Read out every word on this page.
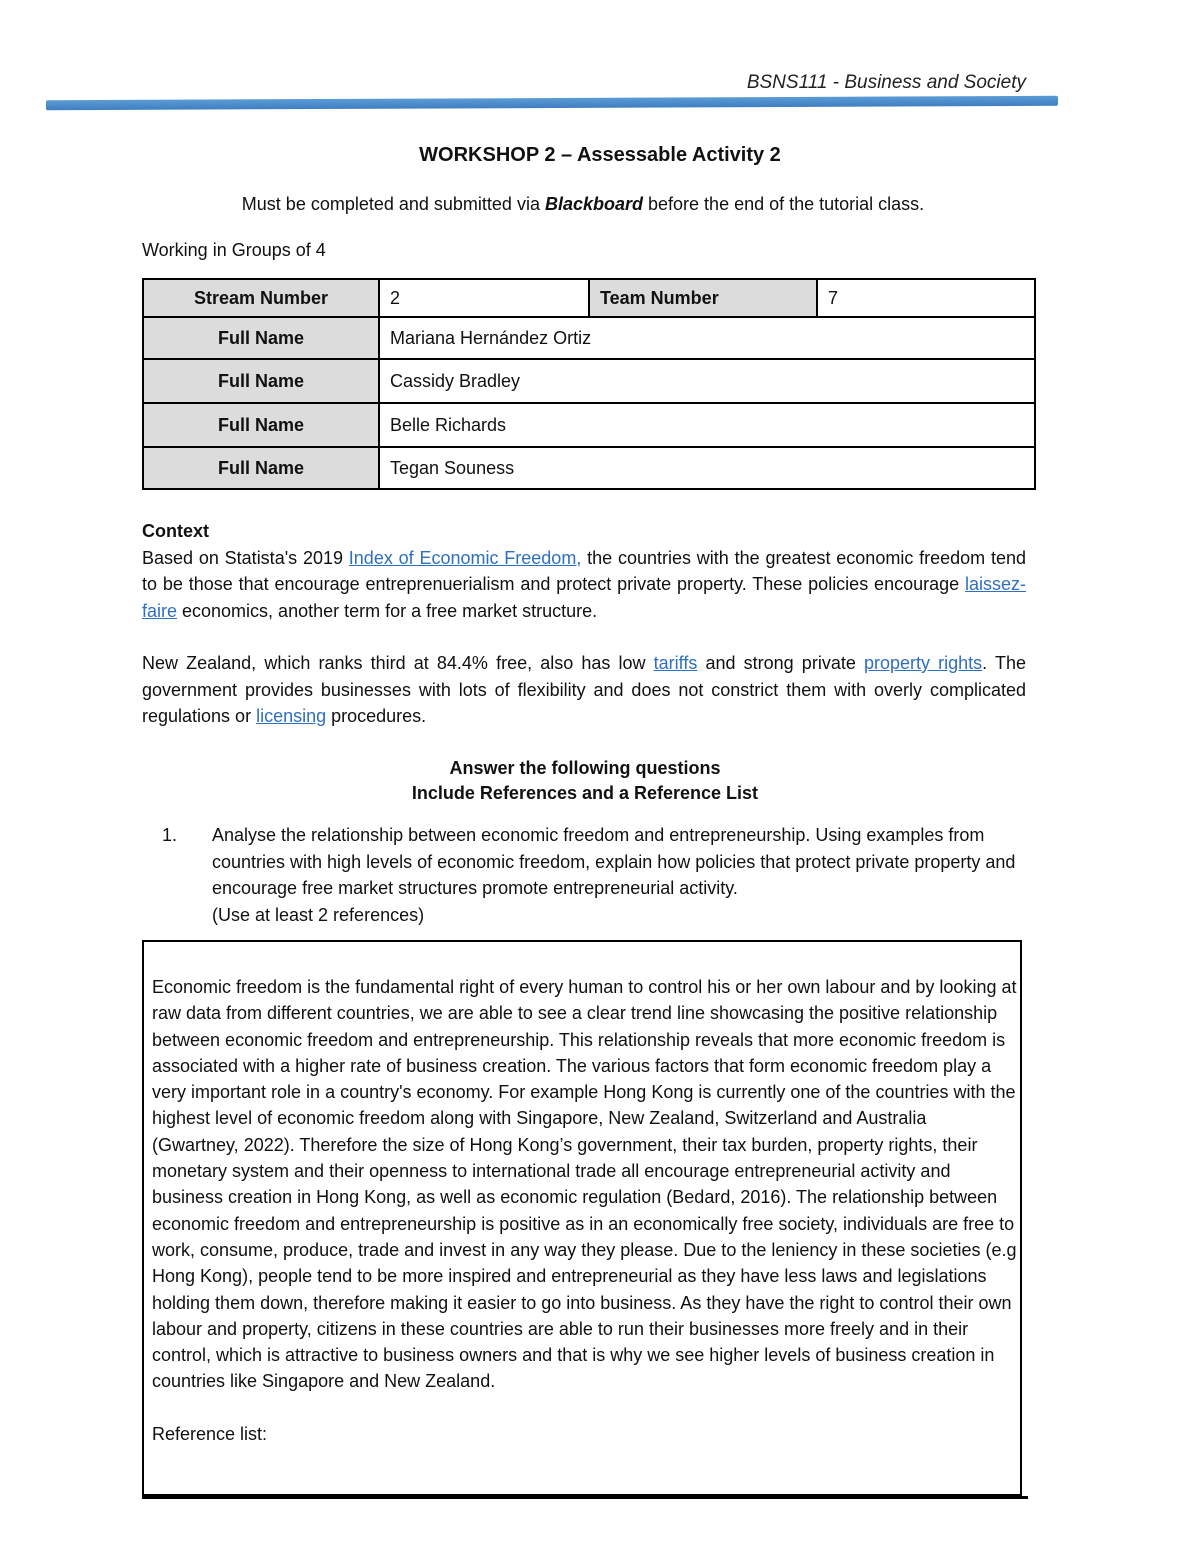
BSNS111 - Business and Society
WORKSHOP 2 – Assessable Activity 2
Must be completed and submitted via Blackboard before the end of the tutorial class.
Working in Groups of 4
Stream Number	2	Team Number	7
Full Name	Mariana Hernández Ortiz		
Full Name	Cassidy Bradley		
Full Name	Belle Richards		
Full Name	Tegan Souness		

Context

Based on Statista's 2019 Index of Economic Freedom, the countries with the greatest economic freedom tend to be those that encourage entreprenuerialism and protect private property. These policies encourage laissez-faire economics, another term for a free market structure.

New Zealand, which ranks third at 84.4% free, also has low tariffs and strong private property rights. The government provides businesses with lots of flexibility and does not constrict them with overly complicated regulations or licensing procedures.

Answer the following questions
Include References and a Reference List
1. Analyse the relationship between economic freedom and entrepreneurship. Using examples from countries with high levels of economic freedom, explain how policies that protect private property and encourage free market structures promote entrepreneurial activity.
(Use at least 2 references)

Economic freedom is the fundamental right of every human to control his or her own labour and by looking at raw data from different countries, we are able to see a clear trend line showcasing the positive relationship between economic freedom and entrepreneurship. This relationship reveals that more economic freedom is associated with a higher rate of business creation. The various factors that form economic freedom play a very important role in a country's economy. For example Hong Kong is currently one of the countries with the highest level of economic freedom along with Singapore, New Zealand, Switzerland and Australia (Gwartney, 2022). Therefore the size of Hong Kong’s government, their tax burden, property rights, their monetary system and their openness to international trade all encourage entrepreneurial activity and business creation in Hong Kong, as well as economic regulation (Bedard, 2016). The relationship between economic freedom and entrepreneurship is positive as in an economically free society, individuals are free to work, consume, produce, trade and invest in any way they please. Due to the leniency in these societies (e.g Hong Kong), people tend to be more inspired and entrepreneurial as they have less laws and legislations holding them down, therefore making it easier to go into business. As they have the right to control their own labour and property, citizens in these countries are able to run their businesses more freely and in their control, which is attractive to business owners and that is why we see higher levels of business creation in countries like Singapore and New Zealand.

Reference list:
